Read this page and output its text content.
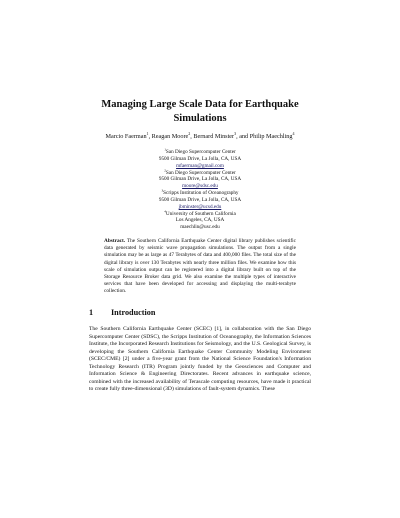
Managing Large Scale Data for Earthquake
Simulations
Marcio Faerman$^1$, Reagan Moore$^2$, Bernard Minster$^3$, and Philip Maechling$^4$
$^1$San Diego Supercomputer Center
9500 Gilman Drive, La Jolla, CA, USA
mfaerman@gmail.com
$^2$San Diego Supercomputer Center
9500 Gilman Drive, La Jolla, CA, USA
moore@sdsc.edu
$^3$Scripps Institution of Oceanography
9500 Gilman Drive, La Jolla, CA, USA
jbminster@ucsd.edu
$^4$University of Southern California
Los Angeles, CA, USA
maechlin@usc.edu
Abstract. The Southern California Earthquake Center digital library publishes scientific data generated by seismic wave propagation simulations. The output from a single simulation may be as large as 47 Terabytes of data and 400,000 files. The total size of the digital library is over 130 Terabytes with nearly three million files. We examine how this scale of simulation output can be registered into a digital library built on top of the Storage Resource Broker data grid. We also examine the multiple types of interactive services that have been developed for accessing and displaying the multi-terabyte collection.
1 Introduction
The Southern California Earthquake Center (SCEC) [1], in collaboration with the San Diego Supercomputer Center (SDSC), the Scripps Institution of Oceanography, the Information Sciences Institute, the Incorporated Research Institutions for Seismology, and the U.S. Geological Survey, is developing the Southern California Earthquake Center Community Modeling Environment (SCEC/CME) [2] under a five-year grant from the National Science Foundation's Information Technology Research (ITR) Program jointly funded by the Geosciences and Computer and Information Science & Engineering Directorates. Recent advances in earthquake science, combined with the increased availability of Terascale computing resources, have made it practical to create fully three-dimensional (3D) simulations of fault-system dynamics. These
